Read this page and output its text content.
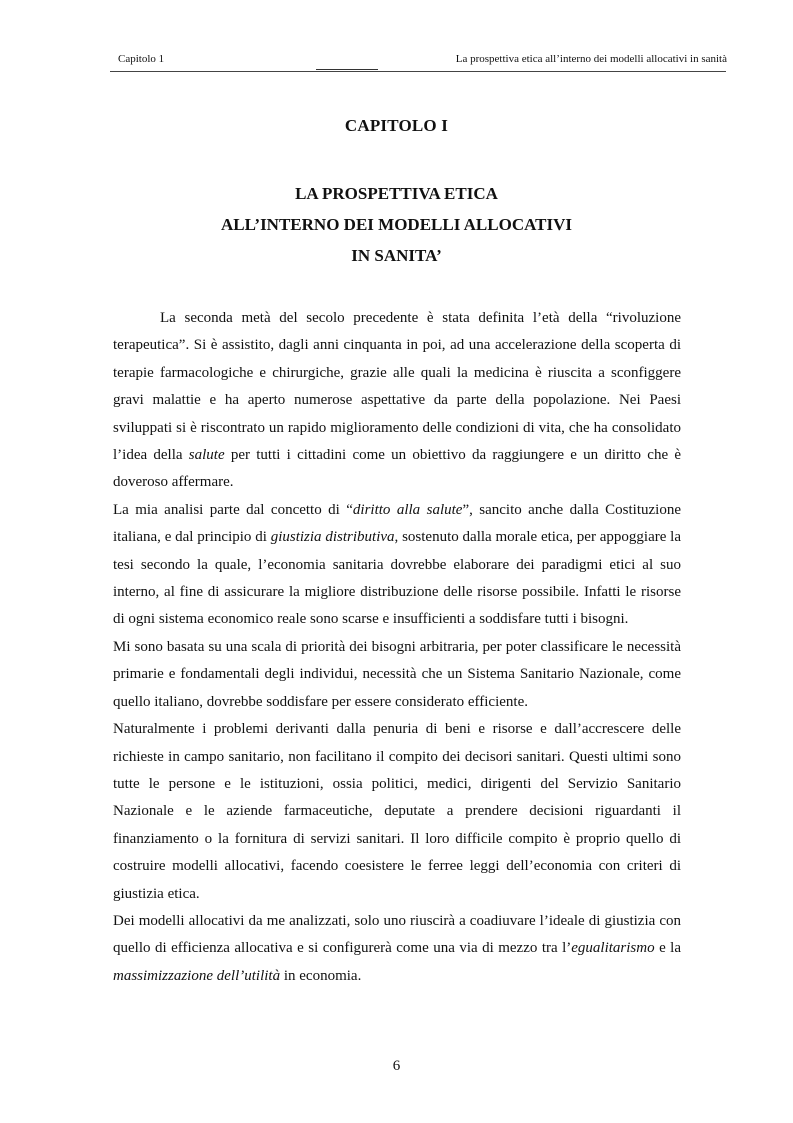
Capitolo 1	La prospettiva etica all’interno dei modelli allocativi in sanità
CAPITOLO I
LA PROSPETTIVA ETICA
ALL’INTERNO DEI MODELLI ALLOCATIVI
IN SANITA’

La seconda metà del secolo precedente è stata definita l’età della “rivoluzione terapeutica”. Si è assistito, dagli anni cinquanta in poi, ad una accelerazione della scoperta di terapie farmacologiche e chirurgiche, grazie alle quali la medicina è riuscita a sconfiggere gravi malattie e ha aperto numerose aspettative da parte della popolazione. Nei Paesi sviluppati si è riscontrato un rapido miglioramento delle condizioni di vita, che ha consolidato l’idea della salute per tutti i cittadini come un obiettivo da raggiungere e un diritto che è doveroso affermare.

La mia analisi parte dal concetto di “diritto alla salute”, sancito anche dalla Costituzione italiana, e dal principio di giustizia distributiva, sostenuto dalla morale etica, per appoggiare la tesi secondo la quale, l’economia sanitaria dovrebbe elaborare dei paradigmi etici al suo interno, al fine di assicurare la migliore distribuzione delle risorse possibile. Infatti le risorse di ogni sistema economico reale sono scarse e insufficienti a soddisfare tutti i bisogni.

Mi sono basata su una scala di priorità dei bisogni arbitraria, per poter classificare le necessità primarie e fondamentali degli individui, necessità che un Sistema Sanitario Nazionale, come quello italiano, dovrebbe soddisfare per essere considerato efficiente.

Naturalmente i problemi derivanti dalla penuria di beni e risorse e dall’accrescere delle richieste in campo sanitario, non facilitano il compito dei decisori sanitari. Questi ultimi sono tutte le persone e le istituzioni, ossia politici, medici, dirigenti del Servizio Sanitario Nazionale e le aziende farmaceutiche, deputate a prendere decisioni riguardanti il finanziamento o la fornitura di servizi sanitari. Il loro difficile compito è proprio quello di costruire modelli allocativi, facendo coesistere le ferree leggi dell’economia con criteri di giustizia etica.

Dei modelli allocativi da me analizzati, solo uno riuscirà a coadiuvare l’ideale di giustizia con quello di efficienza allocativa e si configurerà come una via di mezzo tra l’egualitarismo e la massimizzazione dell’utilità in economia.

6
